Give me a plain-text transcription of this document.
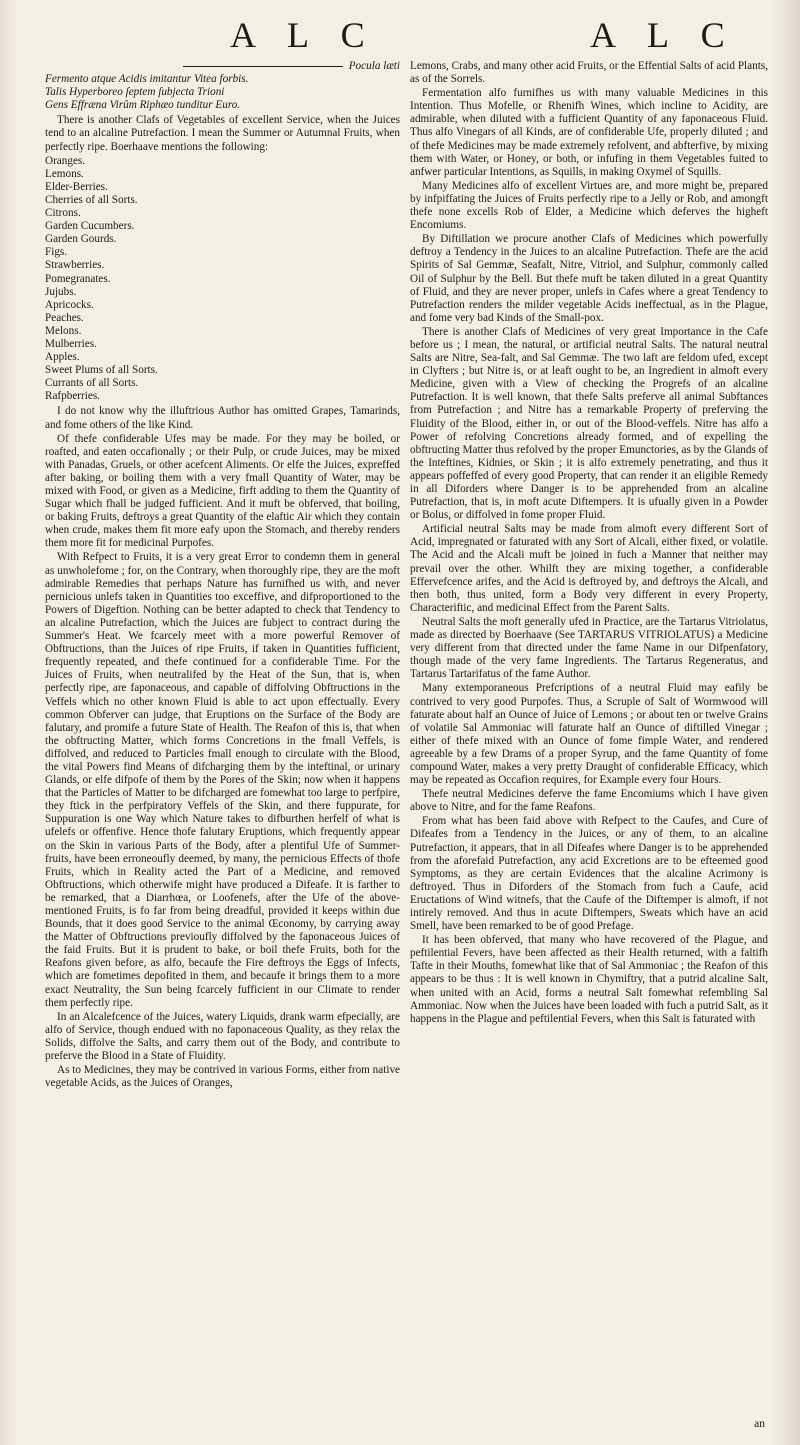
A L C	A L C
Pocula læti
Fermento atque Acidis imitantur Vitea forbis.
Talis Hyperboreo ſeptem ſubjecta Trioni
Gens Effræna Virûm Riphæo tunditur Euro.

There is another Clafs of Vegetables of excellent Service, when the Juices tend to an alcaline Putrefaction. I mean the Summer or Autumnal Fruits, when perfectly ripe. Boerhaave mentions the following:

Oranges.
Lemons.
Elder-Berries.
Cherries of all Sorts.
Citrons.
Garden Cucumbers.
Garden Gourds.
Figs.
Strawberries.
Pomegranates.
Jujubs.
Apricocks.
Peaches.
Melons.
Mulberries.
Apples.
Sweet Plums of all Sorts.
Currants of all Sorts.
Rafpberries.

I do not know why the illuftrious Author has omitted Grapes, Tamarinds, and fome others of the like Kind.

Of thefe confiderable Ufes may be made. For they may be boiled, or roafted, and eaten occafionally ; or their Pulp, or crude Juices, may be mixed with Panadas, Gruels, or other acefcent Aliments. Or elfe the Juices, expreffed after baking, or boiling them with a very fmall Quantity of Water, may be mixed with Food, or given as a Medicine, firft adding to them the Quantity of Sugar which fhall be judged fufficient. And it muft be obferved, that boiling, or baking Fruits, deftroys a great Quantity of the elaftic Air which they contain when crude, makes them fit more eafy upon the Stomach, and thereby renders them more fit for medicinal Purpofes.

With Refpect to Fruits, it is a very great Error to condemn them in general as unwholefome ; for, on the Contrary, when thoroughly ripe, they are the moft admirable Remedies that perhaps Nature has furnifhed us with, and never pernicious unlefs taken in Quantities too exceffive, and difproportioned to the Powers of Digeftion. Nothing can be better adapted to check that Tendency to an alcaline Putrefaction, which the Juices are fubject to contract during the Summer's Heat. We fcarcely meet with a more powerful Remover of Obftructions, than the Juices of ripe Fruits, if taken in Quantities fufficient, frequently repeated, and thefe continued for a confiderable Time. For the Juices of Fruits, when neutralifed by the Heat of the Sun, that is, when perfectly ripe, are faponaceous, and capable of diffolving Obftructions in the Veffels which no other known Fluid is able to act upon effectually. Every common Obferver can judge, that Eruptions on the Surface of the Body are falutary, and promife a future State of Health. The Reafon of this is, that when the obftructing Matter, which forms Concretions in the fmall Veffels, is diffolved, and reduced to Particles fmall enough to circulate with the Blood, the vital Powers find Means of difcharging them by the inteftinal, or urinary Glands, or elfe difpofe of them by the Pores of the Skin; now when it happens that the Particles of Matter to be difcharged are fomewhat too large to perfpire, they ftick in the perfpiratory Veffels of the Skin, and there fuppurate, for Suppuration is one Way which Nature takes to difburthen herfelf of what is ufelefs or offenfive. Hence thofe falutary Eruptions, which frequently appear on the Skin in various Parts of the Body, after a plentiful Ufe of Summer-fruits, have been erroneoufly deemed, by many, the pernicious Effects of thofe Fruits, which in Reality acted the Part of a Medicine, and removed Obftructions, which otherwife might have produced a Difeafe. It is farther to be remarked, that a Diarrhœa, or Loofenefs, after the Ufe of the above-mentioned Fruits, is fo far from being dreadful, provided it keeps within due Bounds, that it does good Service to the animal Œconomy, by carrying away the Matter of Obftructions previoufly diffolved by the faponaceous Juices of the faid Fruits. But it is prudent to bake, or boil thefe Fruits, both for the Reafons given before, as alfo, becaufe the Fire deftroys the Eggs of Infects, which are fometimes depofited in them, and becaufe it brings them to a more exact Neutrality, the Sun being fcarcely fufficient in our Climate to render them perfectly ripe.

In an Alcalefcence of the Juices, watery Liquids, drank warm efpecially, are alfo of Service, though endued with no faponaceous Quality, as they relax the Solids, diffolve the Salts, and carry them out of the Body, and contribute to preferve the Blood in a State of Fluidity.

As to Medicines, they may be contrived in various Forms, either from native vegetable Acids, as the Juices of Oranges,

Lemons, Crabs, and many other acid Fruits, or the Effential Salts of acid Plants, as of the Sorrels.

Fermentation alfo furnifhes us with many valuable Medicines in this Intention. Thus Mofelle, or Rhenifh Wines, which incline to Acidity, are admirable, when diluted with a fufficient Quantity of any faponaceous Fluid. Thus alfo Vinegars of all Kinds, are of confiderable Ufe, properly diluted ; and of thefe Medicines may be made extremely refolvent, and abfterfive, by mixing them with Water, or Honey, or both, or infufing in them Vegetables fuited to anfwer particular Intentions, as Squills, in making Oxymel of Squills.

Many Medicines alfo of excellent Virtues are, and more might be, prepared by infpiffating the Juices of Fruits perfectly ripe to a Jelly or Rob, and amongft thefe none excells Rob of Elder, a Medicine which deferves the higheft Encomiums.

By Diftillation we procure another Clafs of Medicines which powerfully deftroy a Tendency in the Juices to an alcaline Putrefaction. Thefe are the acid Spirits of Sal Gemmæ, Seafalt, Nitre, Vitriol, and Sulphur, commonly called Oil of Sulphur by the Bell. But thefe muft be taken diluted in a great Quantity of Fluid, and they are never proper, unlefs in Cafes where a great Tendency to Putrefaction renders the milder vegetable Acids ineffectual, as in the Plague, and fome very bad Kinds of the Small-pox.

There is another Clafs of Medicines of very great Importance in the Cafe before us ; I mean, the natural, or artificial neutral Salts. The natural neutral Salts are Nitre, Sea-falt, and Sal Gemmæ. The two laft are feldom ufed, except in Clyfters ; but Nitre is, or at leaft ought to be, an Ingredient in almoft every Medicine, given with a View of checking the Progrefs of an alcaline Putrefaction. It is well known, that thefe Salts preferve all animal Subftances from Putrefaction ; and Nitre has a remarkable Property of preferving the Fluidity of the Blood, either in, or out of the Blood-veffels. Nitre has alfo a Power of refolving Concretions already formed, and of expelling the obftructing Matter thus refolved by the proper Emunctories, as by the Glands of the Inteftines, Kidnies, or Skin ; it is alfo extremely penetrating, and thus it appears poffeffed of every good Property, that can render it an eligible Remedy in all Diforders where Danger is to be apprehended from an alcaline Putrefaction, that is, in moft acute Diftempers. It is ufually given in a Powder or Bolus, or diffolved in fome proper Fluid.

Artificial neutral Salts may be made from almoft every different Sort of Acid, impregnated or faturated with any Sort of Alcali, either fixed, or volatile. The Acid and the Alcali muft be joined in fuch a Manner that neither may prevail over the other. Whilft they are mixing together, a confiderable Effervefcence arifes, and the Acid is deftroyed by, and deftroys the Alcali, and then both, thus united, form a Body very different in every Property, Characteriftic, and medicinal Effect from the Parent Salts.

Neutral Salts the moft generally ufed in Practice, are the Tartarus Vitriolatus, made as directed by Boerhaave (See TARTARUS VITRIOLATUS) a Medicine very different from that directed under the fame Name in our Difpenfatory, though made of the very fame Ingredients. The Tartarus Regeneratus, and Tartarus Tartarifatus of the fame Author.

Many extemporaneous Prefcriptions of a neutral Fluid may eafily be contrived to very good Purpofes. Thus, a Scruple of Salt of Wormwood will faturate about half an Ounce of Juice of Lemons ; or about ten or twelve Grains of volatile Sal Ammoniac will faturate half an Ounce of diftilled Vinegar ; either of thefe mixed with an Ounce of fome fimple Water, and rendered agreeable by a few Drams of a proper Syrup, and the fame Quantity of fome compound Water, makes a very pretty Draught of confiderable Efficacy, which may be repeated as Occafion requires, for Example every four Hours.

Thefe neutral Medicines deferve the fame Encomiums which I have given above to Nitre, and for the fame Reafons.

From what has been faid above with Refpect to the Caufes, and Cure of Difeafes from a Tendency in the Juices, or any of them, to an alcaline Putrefaction, it appears, that in all Difeafes where Danger is to be apprehended from the aforefaid Putrefaction, any acid Excretions are to be efteemed good Symptoms, as they are certain Evidences that the alcaline Acrimony is deftroyed. Thus in Diforders of the Stomach from fuch a Caufe, acid Eructations of Wind witnefs, that the Caufe of the Diftemper is almoft, if not intirely removed. And thus in acute Diftempers, Sweats which have an acid Smell, have been remarked to be of good Prefage.

It has been obferved, that many who have recovered of the Plague, and peftilential Fevers, have been affected as their Health returned, with a faltifh Tafte in their Mouths, fomewhat like that of Sal Ammoniac ; the Reafon of this appears to be thus : It is well known in Chymiftry, that a putrid alcaline Salt, when united with an Acid, forms a neutral Salt fomewhat refembling Sal Ammoniac. Now when the Juices have been loaded with fuch a putrid Salt, as it happens in the Plague and peftilential Fevers, when this Salt is faturated with

an
